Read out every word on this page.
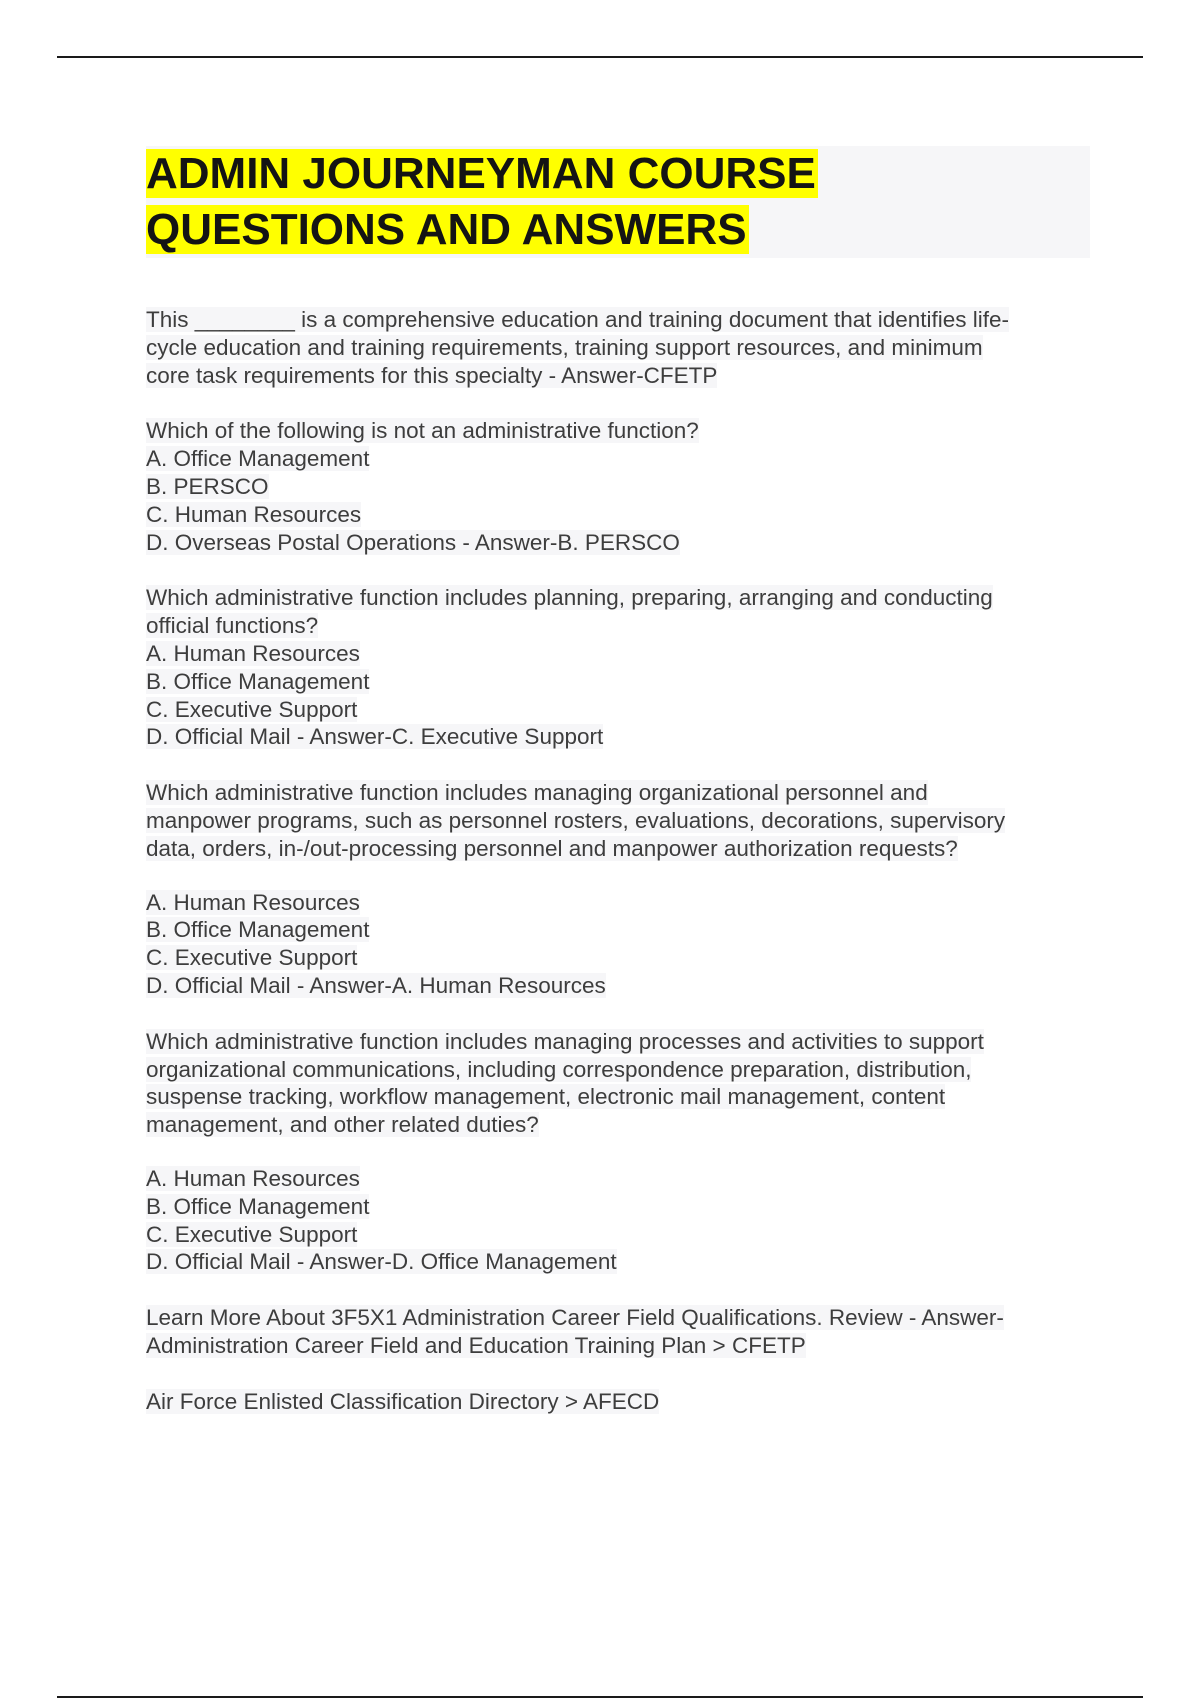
ADMIN JOURNEYMAN COURSE
QUESTIONS AND ANSWERS
This ________ is a comprehensive education and training document that identifies life-
cycle education and training requirements, training support resources, and minimum
core task requirements for this specialty - Answer-CFETP
Which of the following is not an administrative function?
A. Office Management
B. PERSCO
C. Human Resources
D. Overseas Postal Operations - Answer-B. PERSCO
Which administrative function includes planning, preparing, arranging and conducting
official functions?
A. Human Resources
B. Office Management
C. Executive Support
D. Official Mail - Answer-C. Executive Support
Which administrative function includes managing organizational personnel and
manpower programs, such as personnel rosters, evaluations, decorations, supervisory
data, orders, in-/out-processing personnel and manpower authorization requests?
A. Human Resources
B. Office Management
C. Executive Support
D. Official Mail - Answer-A. Human Resources
Which administrative function includes managing processes and activities to support
organizational communications, including correspondence preparation, distribution,
suspense tracking, workflow management, electronic mail management, content
management, and other related duties?
A. Human Resources
B. Office Management
C. Executive Support
D. Official Mail - Answer-D. Office Management
Learn More About 3F5X1 Administration Career Field Qualifications. Review - Answer-
Administration Career Field and Education Training Plan > CFETP
Air Force Enlisted Classification Directory > AFECD
